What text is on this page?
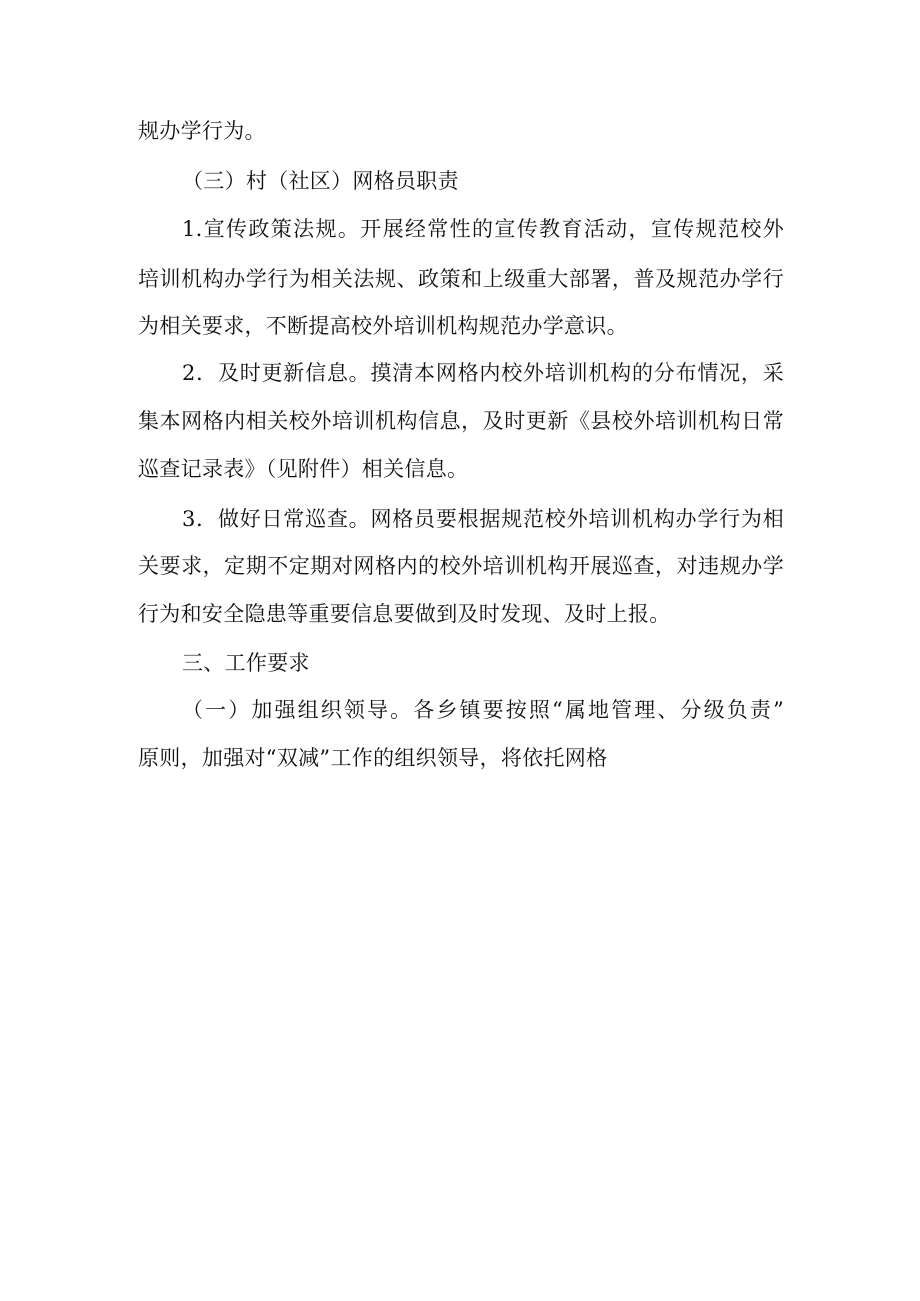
规办学行为。
（三）村（社区）网格员职责
1.宣传政策法规。开展经常性的宣传教育活动，宣传规范校外
培训机构办学行为相关法规、政策和上级重大部署，普及规范办学行
为相关要求，不断提高校外培训机构规范办学意识。
2．及时更新信息。摸清本网格内校外培训机构的分布情况，采
集本网格内相关校外培训机构信息，及时更新《县校外培训机构日常
巡查记录表》（见附件）相关信息。
3．做好日常巡查。网格员要根据规范校外培训机构办学行为相
关要求，定期不定期对网格内的校外培训机构开展巡查，对违规办学
行为和安全隐患等重要信息要做到及时发现、及时上报。
三、工作要求
（一）加强组织领导。各乡镇要按照“属地管理、分级负责”
原则，加强对“双减”工作的组织领导，将依托网格
